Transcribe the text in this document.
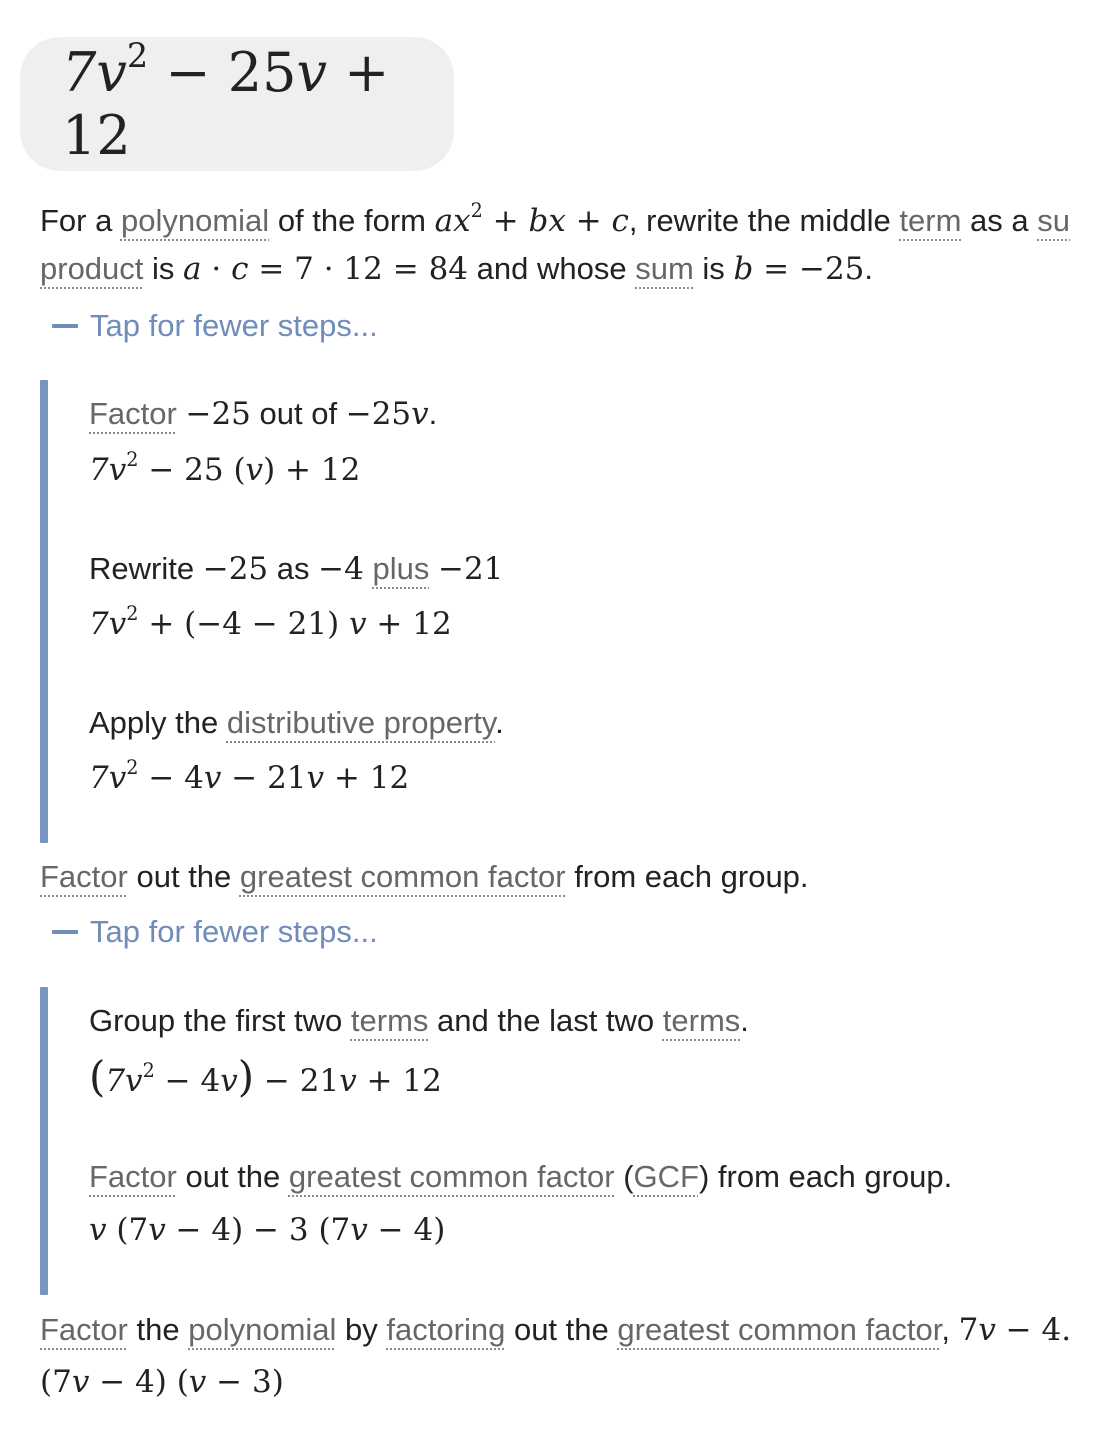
$7v^2 - 25v + 12$
For a polynomial of the form $ax^2$ + bx + c, rewrite the middle term as a su
product is a · c = 7 · 12 = 84 and whose sum is b = −25.
Tap for fewer steps...
Factor −25 out of −25v.
$7v^2 - 25$ (v) + 12
Rewrite −25 as −4 plus −21
$7v^2 + (-4 - 21) v + 12$
Apply the distributive property.
$7v^2 - 4v - 21v + 12$
Factor out the greatest common factor from each group.
Tap for fewer steps...
Group the first two terms and the last two terms.
$(7v^2 - 4v) - 21v + 12$
Factor out the greatest common factor (GCF) from each group.
v (7v − 4) − 3 (7v − 4)
Factor the polynomial by factoring out the greatest common factor, 7v − 4.
(7v − 4) (v − 3)
